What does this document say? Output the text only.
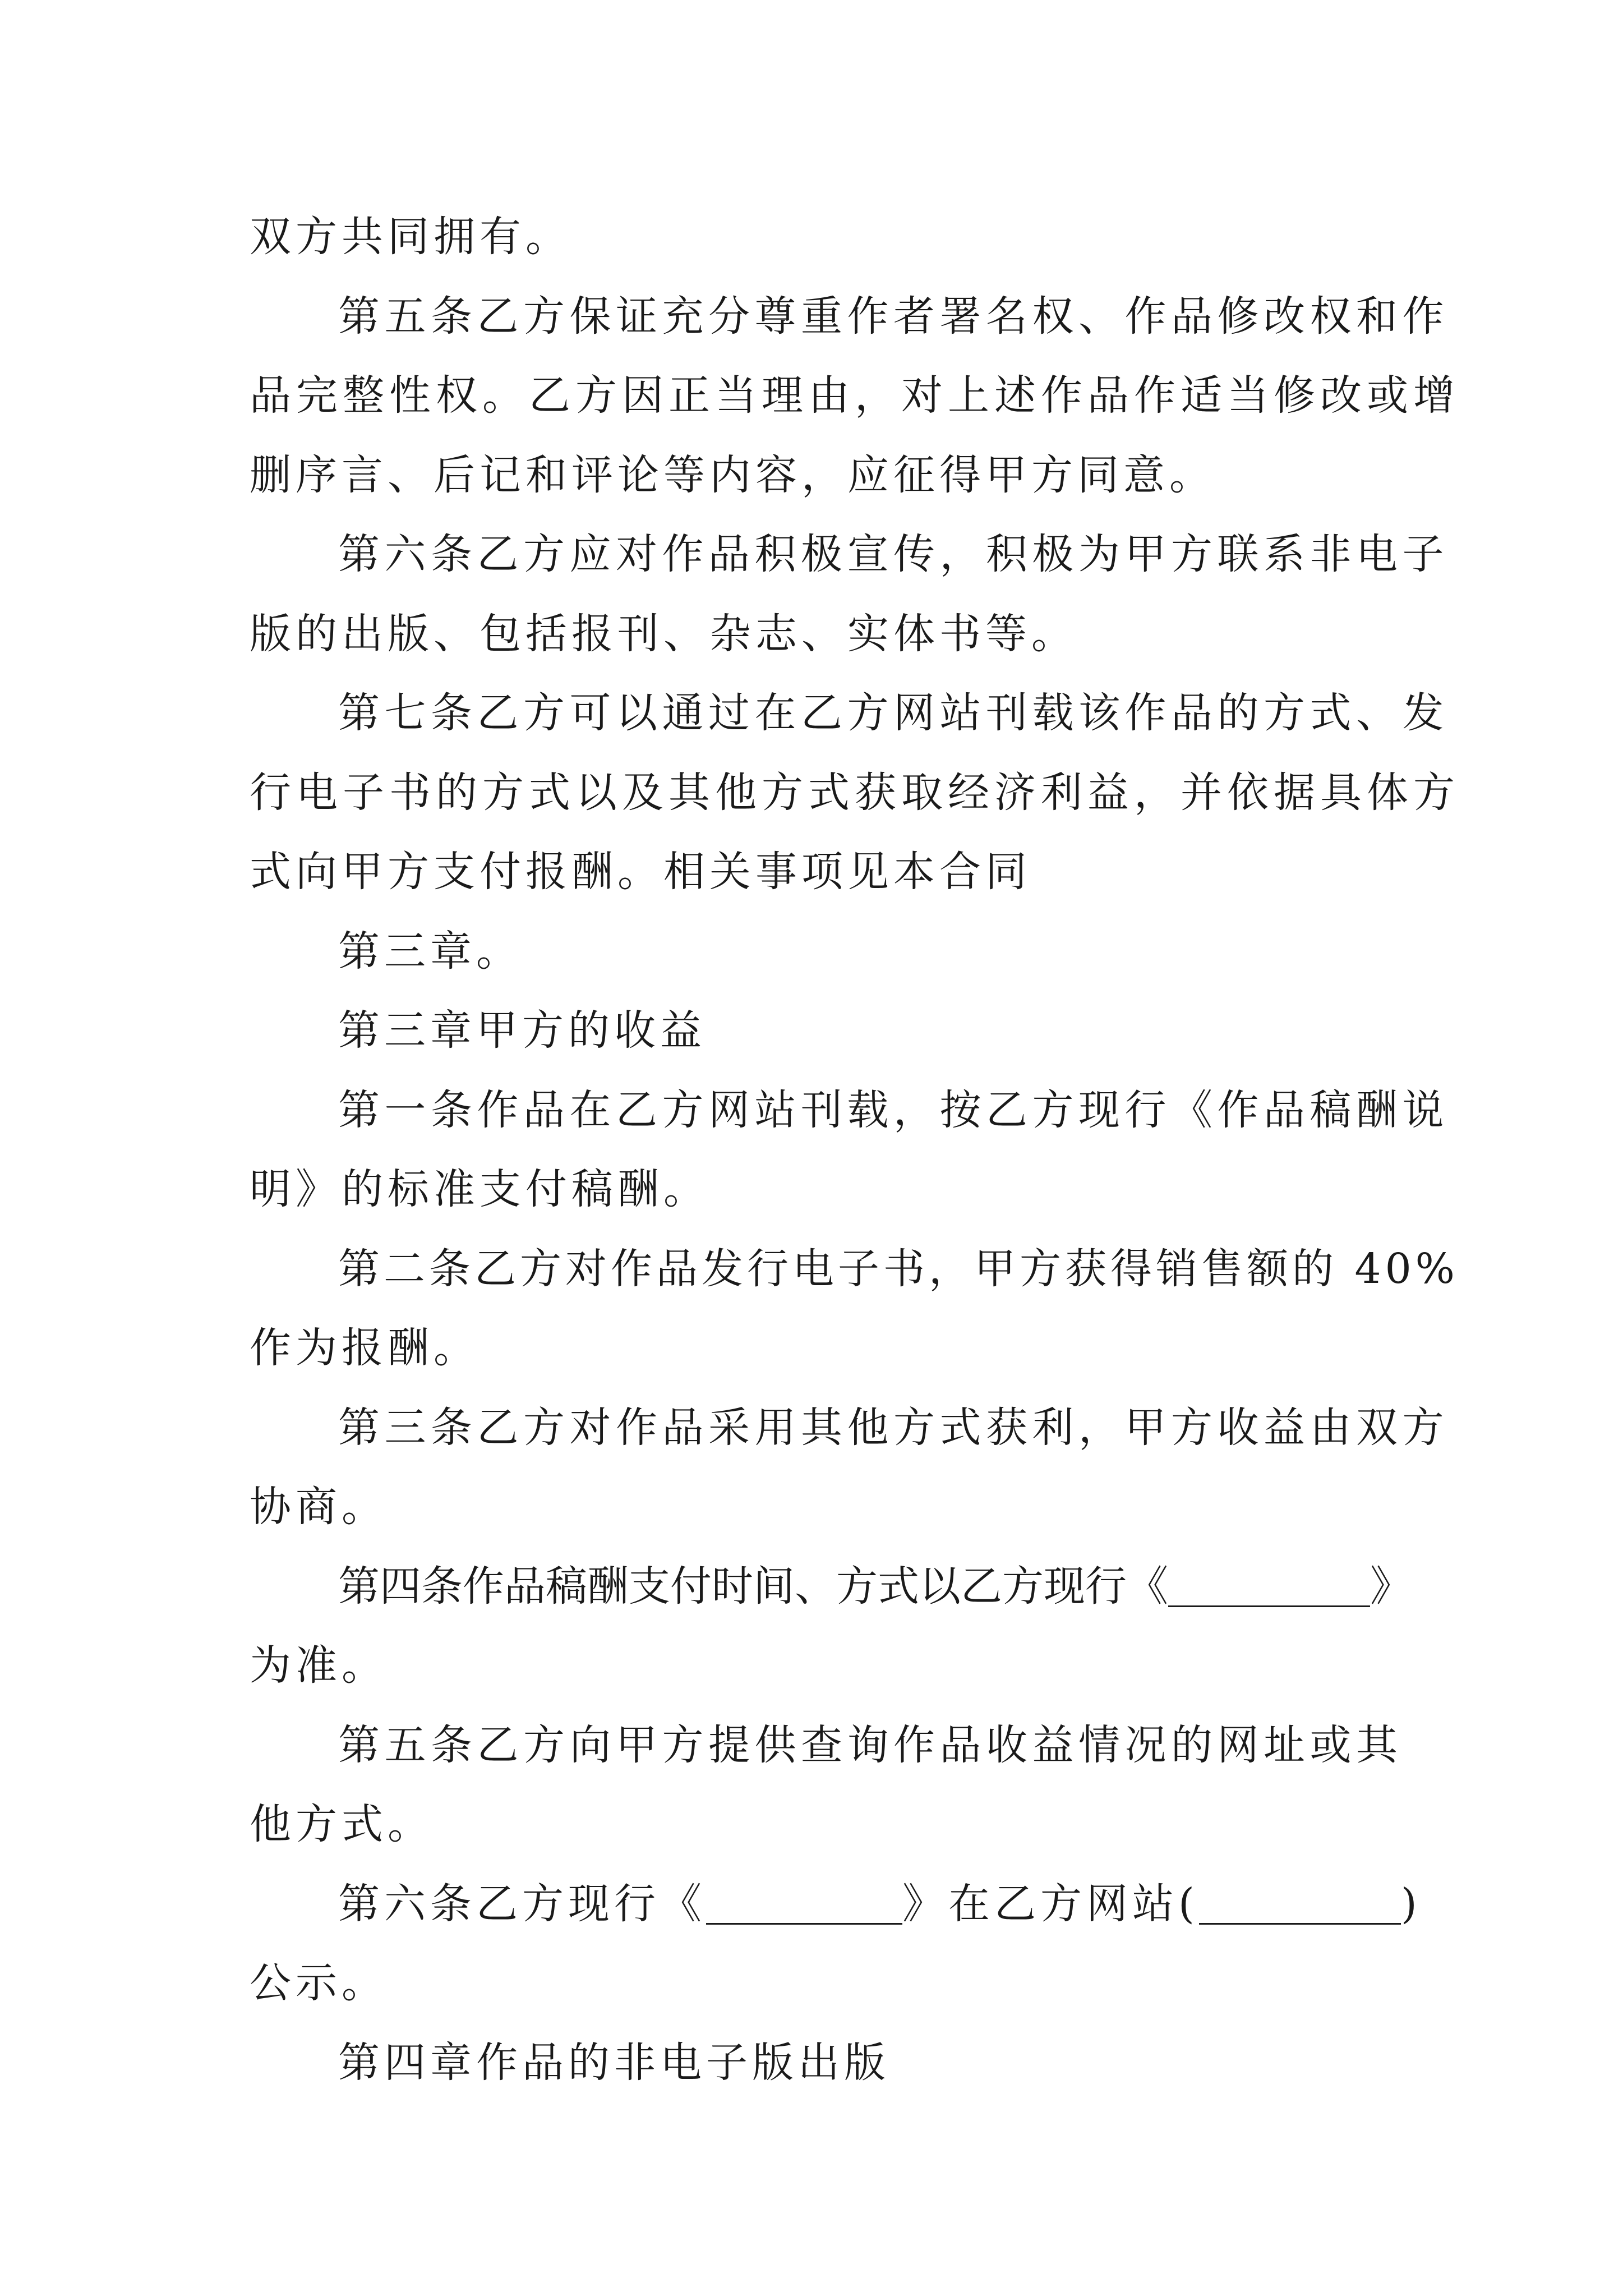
双方共同拥有。
第五条乙方保证充分尊重作者署名权、作品修改权和作
品完整性权。乙方因正当理由，对上述作品作适当修改或增
删序言、后记和评论等内容，应征得甲方同意。
第六条乙方应对作品积极宣传，积极为甲方联系非电子
版的出版、包括报刊、杂志、实体书等。
第七条乙方可以通过在乙方网站刊载该作品的方式、发
行电子书的方式以及其他方式获取经济利益，并依据具体方
式向甲方支付报酬。相关事项见本合同
第三章。
第三章甲方的收益
第一条作品在乙方网站刊载，按乙方现行《作品稿酬说
明》的标准支付稿酬。
第二条乙方对作品发行电子书，甲方获得销售额的 40%
作为报酬。
第三条乙方对作品采用其他方式获利，甲方收益由双方
协商。
第四条作品稿酬支付时间、方式以乙方现行《	》
为准。
第五条乙方向甲方提供查询作品收益情况的网址或其
他方式。
第六条乙方现行《	》在乙方网站(	)
公示。
第四章作品的非电子版出版
